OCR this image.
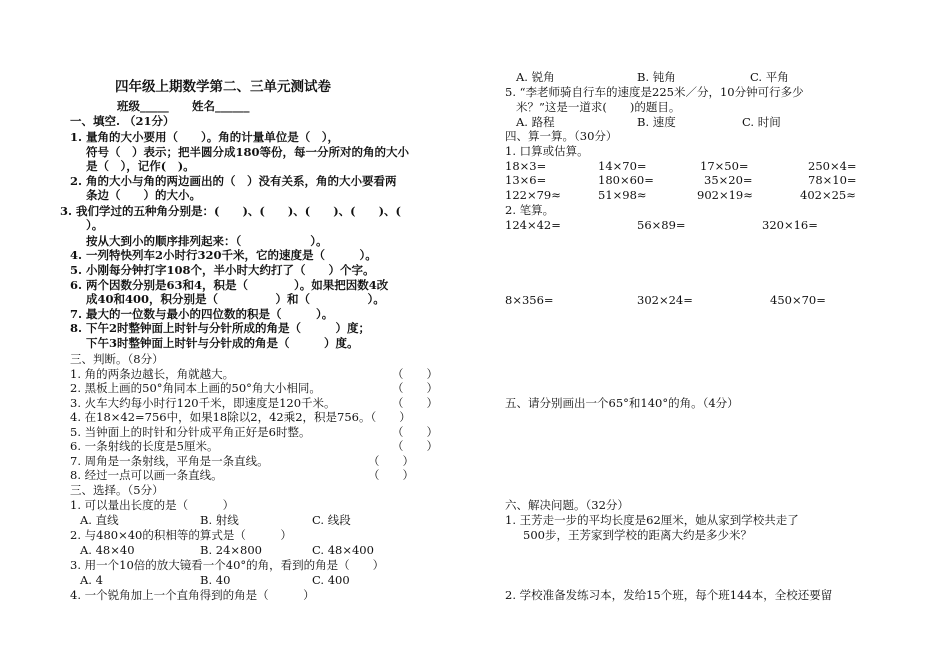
四年级上期数学第二、三单元测试卷
班级_____ 姓名______
一、填空. （21分）
1. 量角的大小要用（　　）。角的计量单位是（　），
符号（　）表示；把半圆分成180等份，每一分所对的角的大小
是（　），记作(　)。
2. 角的大小与角的两边画出的（　）没有关系，角的大小要看两
条边（　　）的大小。
3. 我们学过的五种角分别是：(　　)、(　　)、(　　)、(　　)、(
）。
按从大到小的顺序排列起来：（　　　　　　）。
4. 一列特快列车2小时行320千米，它的速度是（　　　）。
5. 小刚每分钟打字108个，半小时大约打了（　　）个字。
6. 两个因数分别是63和4，积是（　　　　）。如果把因数4改
成40和400，积分别是（　　　　　）和（　　　　　）。
7. 最大的一位数与最小的四位数的积是（　　　）。
8. 下午2时整钟面上时针与分针所成的角是（　　　）度；
下午3时整钟面上时针与分针成的角是（　　　）度。
三、判断。（8分）
1. 角的两条边越长，角就越大。	（　　）
2. 黑板上画的50°角同本上画的50°角大小相同。	（　　）
3. 火车大约每小时行120千米，即速度是120千米。	（　　）
4. 在18×42=756中，如果18除以2，42乘2，积是756。（　　）
5. 当钟面上的时针和分针成平角正好是6时整。	（　　）
6. 一条射线的长度是5厘米。	（　　）
7. 周角是一条射线，平角是一条直线。	（　　）
8. 经过一点可以画一条直线。	（　　）
三、选择。（5分）
1. 可以量出长度的是（　　　）
A. 直线	B. 射线	C. 线段
2. 与480×40的积相等的算式是（　　　）
A. 48×40	B. 24×800	C. 48×400
3. 用一个10倍的放大镜看一个40°的角，看到的角是（　　）
A. 4	B. 40	C. 400
4. 一个锐角加上一个直角得到的角是（　　　）
A. 锐角	B. 钝角	C. 平角
5. “李老师骑自行车的速度是225米／分，10分钟可行多少
米？”这是一道求(　　)的题目。
A. 路程	B. 速度	C. 时间
四、算一算。（30分）
1. 口算或估算。
18×3=	14×70=	17×50=	250×4=
13×6=	180×60=	35×20=	78×10=
122×79≈	51×98≈	902×19≈	402×25≈
2. 笔算。
124×42=	56×89=	320×16=
8×356=	302×24=	450×70=
五、请分别画出一个65°和140°的角。（4分）
六、解决问题。（32分）
1. 王芳走一步的平均长度是62厘米，她从家到学校共走了
500步，王芳家到学校的距离大约是多少米？
2. 学校准备发练习本，发给15个班，每个班144本，全校还要留
